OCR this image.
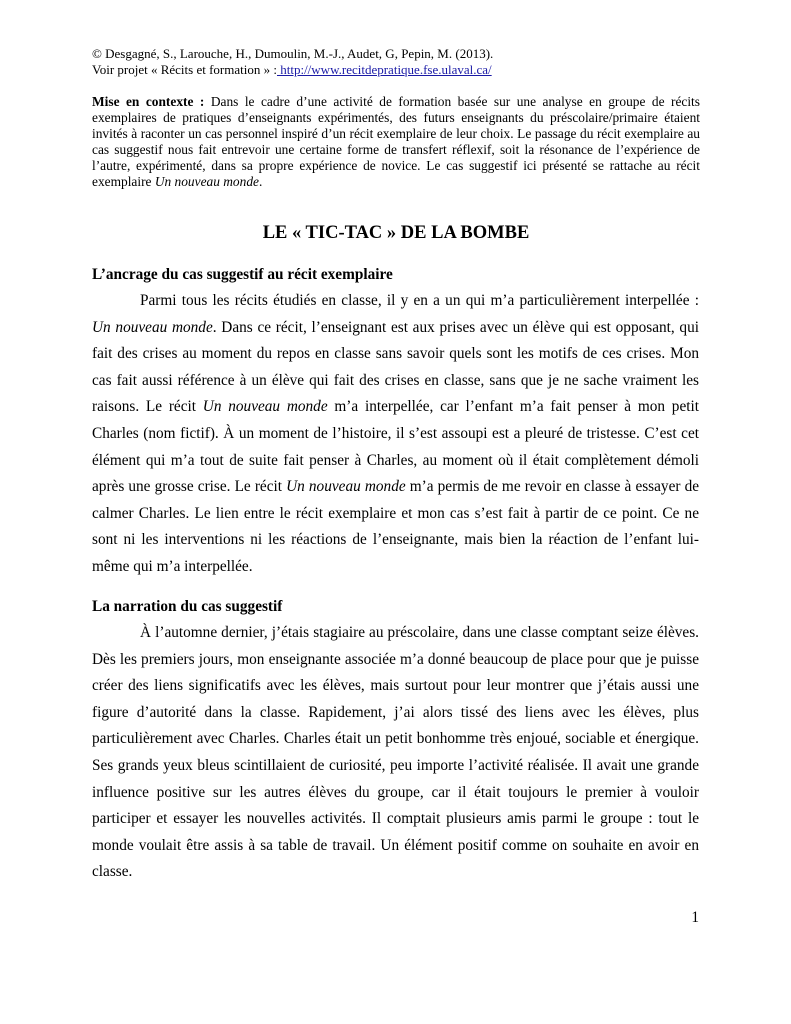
© Desgagné, S., Larouche, H., Dumoulin, M.-J., Audet, G, Pepin, M. (2013).
Voir projet « Récits et formation » : http://www.recitdepratique.fse.ulaval.ca/
Mise en contexte : Dans le cadre d’une activité de formation basée sur une analyse en groupe de récits exemplaires de pratiques d’enseignants expérimentés, des futurs enseignants du préscolaire/primaire étaient invités à raconter un cas personnel inspiré d’un récit exemplaire de leur choix. Le passage du récit exemplaire au cas suggestif nous fait entrevoir une certaine forme de transfert réflexif, soit la résonance de l’expérience de l’autre, expérimenté, dans sa propre expérience de novice. Le cas suggestif ici présenté se rattache au récit exemplaire Un nouveau monde.
LE « TIC-TAC » DE LA BOMBE
L’ancrage du cas suggestif au récit exemplaire

Parmi tous les récits étudiés en classe, il y en a un qui m’a particulièrement interpellée : Un nouveau monde. Dans ce récit, l’enseignant est aux prises avec un élève qui est opposant, qui fait des crises au moment du repos en classe sans savoir quels sont les motifs de ces crises. Mon cas fait aussi référence à un élève qui fait des crises en classe, sans que je ne sache vraiment les raisons. Le récit Un nouveau monde m’a interpellée, car l’enfant m’a fait penser à mon petit Charles (nom fictif). À un moment de l’histoire, il s’est assoupi est a pleuré de tristesse. C’est cet élément qui m’a tout de suite fait penser à Charles, au moment où il était complètement démoli après une grosse crise. Le récit Un nouveau monde m’a permis de me revoir en classe à essayer de calmer Charles. Le lien entre le récit exemplaire et mon cas s’est fait à partir de ce point. Ce ne sont ni les interventions ni les réactions de l’enseignante, mais bien la réaction de l’enfant lui-même qui m’a interpellée.

La narration du cas suggestif

À l’automne dernier, j’étais stagiaire au préscolaire, dans une classe comptant seize élèves. Dès les premiers jours, mon enseignante associée m’a donné beaucoup de place pour que je puisse créer des liens significatifs avec les élèves, mais surtout pour leur montrer que j’étais aussi une figure d’autorité dans la classe. Rapidement, j’ai alors tissé des liens avec les élèves, plus particulièrement avec Charles. Charles était un petit bonhomme très enjoué, sociable et énergique. Ses grands yeux bleus scintillaient de curiosité, peu importe l’activité réalisée. Il avait une grande influence positive sur les autres élèves du groupe, car il était toujours le premier à vouloir participer et essayer les nouvelles activités. Il comptait plusieurs amis parmi le groupe : tout le monde voulait être assis à sa table de travail. Un élément positif comme on souhaite en avoir en classe.

1
